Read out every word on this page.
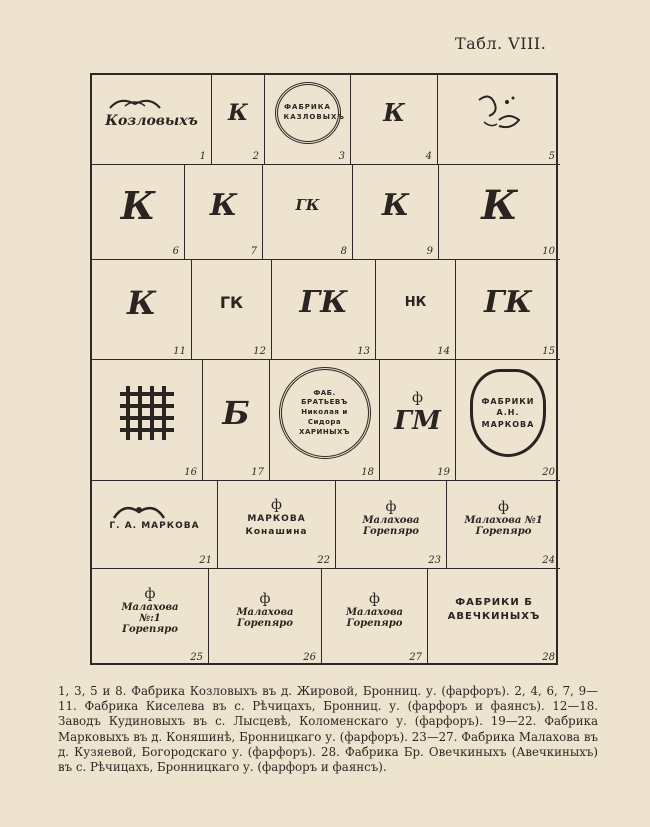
Табл. VIII.
Козловыхъ
1
К
2
ФАБРИКА КАЗЛОВЫХЪ
3
К
4	5
К
6
К
7
ГК
8
К
9
К
10
К
11
ГК
12
ГК
13
НК
14
ГК
15
16
Б
17
ФАБ. БРАТЬЕВЪ Николая и Сидора ХАРИНЫХЪ
18
ф
ГМ
19
ФАБРИКИ А.Н. МАРКОВА
20
Г. А. МАРКОВА
21
ф
МАРКОВА Конашина
22
ф
Малахова Горепяро
23
ф
Малахова №1 Горепяро
24
ф
Малахова №:1 Горепяро
25
ф
Малахова Горепяро
26
ф
Малахова Горепяро
27
ФАБРИКИ Б АВЕЧКИНЫХЪ
28

1, 3, 5 и 8. Фабрика Козловыхъ въ д. Жировой, Бронниц. у. (фарфоръ). 2, 4, 6, 7, 9—11. Фабрика Киселева въ с. Рѣчицахъ, Бронниц. у. (фарфоръ и фаянсъ). 12—18. Заводъ Кудиновыхъ въ с. Лысцевѣ, Коломенскаго у. (фарфоръ). 19—22. Фабрика Марковыхъ въ д. Коняшинѣ, Бронницкаго у. (фарфоръ). 23—27. Фабрика Малахова въ д. Кузяевой, Богородскаго у. (фарфоръ). 28. Фабрика Бр. Овечкиныхъ (Авечкиныхъ) въ с. Рѣчицахъ, Бронницкаго у. (фарфоръ и фаянсъ).
